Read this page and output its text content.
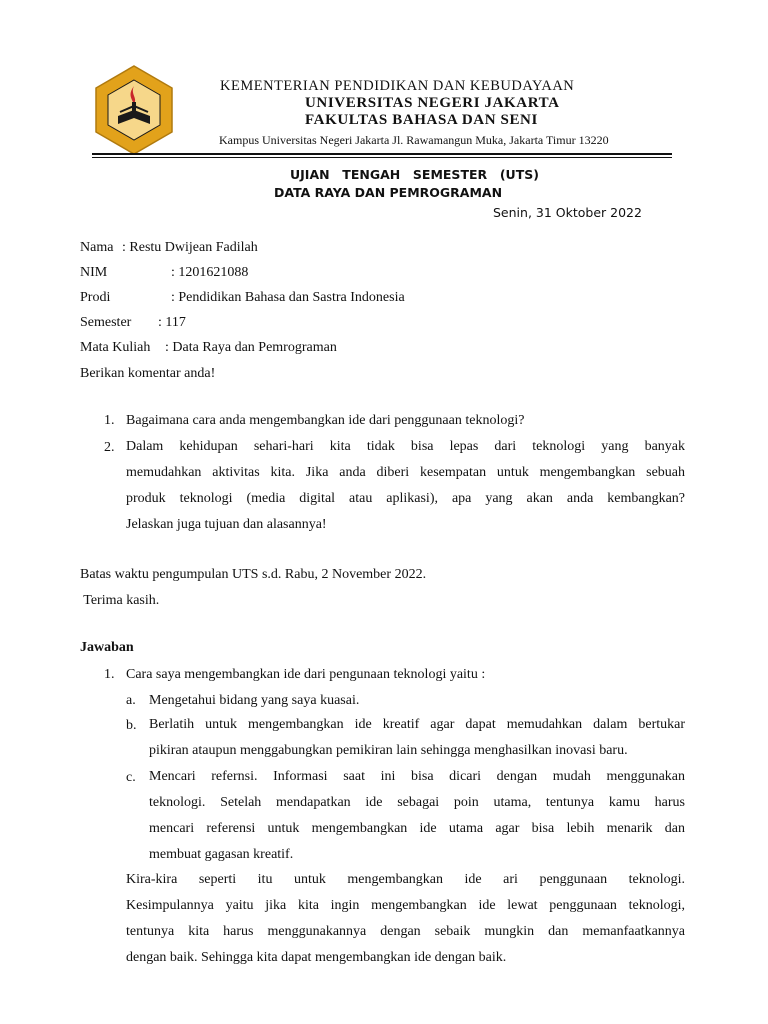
KEMENTERIAN PENDIDIKAN DAN KEBUDAYAAN
UNIVERSITAS NEGERI JAKARTA
FAKULTAS BAHASA DAN SENI
Kampus Universitas Negeri Jakarta Jl. Rawamangun Muka, Jakarta Timur 13220
UJIAN  TENGAH  SEMESTER  (UTS)
DATA RAYA DAN PEMROGRAMAN
Senin, 31 Oktober 2022
Nama : Restu Dwijean Fadilah
NIM	: 1201621088
Prodi	: Pendidikan Bahasa dan Sastra Indonesia
Semester : 117
Mata Kuliah : Data Raya dan Pemrograman
Berikan komentar anda!
1. Bagaimana cara anda mengembangkan ide dari penggunaan teknologi?
2. Dalam kehidupan sehari-hari kita tidak bisa lepas dari teknologi yang banyak
memudahkan aktivitas kita. Jika anda diberi kesempatan untuk mengembangkan sebuah
produk teknologi (media digital atau aplikasi), apa yang akan anda kembangkan?
Jelaskan juga tujuan dan alasannya!
Batas waktu pengumpulan UTS s.d. Rabu, 2 November 2022.
Terima kasih.
Jawaban
1. Cara saya mengembangkan ide dari pengunaan teknologi yaitu :
a. Mengetahui bidang yang saya kuasai.
b. Berlatih untuk mengembangkan ide kreatif agar dapat memudahkan dalam bertukar
pikiran ataupun menggabungkan pemikiran lain sehingga menghasilkan inovasi baru.
c. Mencari refernsi. Informasi saat ini bisa dicari dengan mudah menggunakan
teknologi. Setelah mendapatkan ide sebagai poin utama, tentunya kamu harus
mencari referensi untuk mengembangkan ide utama agar bisa lebih menarik dan
membuat gagasan kreatif.
Kira-kira seperti itu untuk mengembangkan ide ari penggunaan teknologi.
Kesimpulannya yaitu jika kita ingin mengembangkan ide lewat penggunaan teknologi,
tentunya kita harus menggunakannya dengan sebaik mungkin dan memanfaatkannya
dengan baik. Sehingga kita dapat mengembangkan ide dengan baik.
